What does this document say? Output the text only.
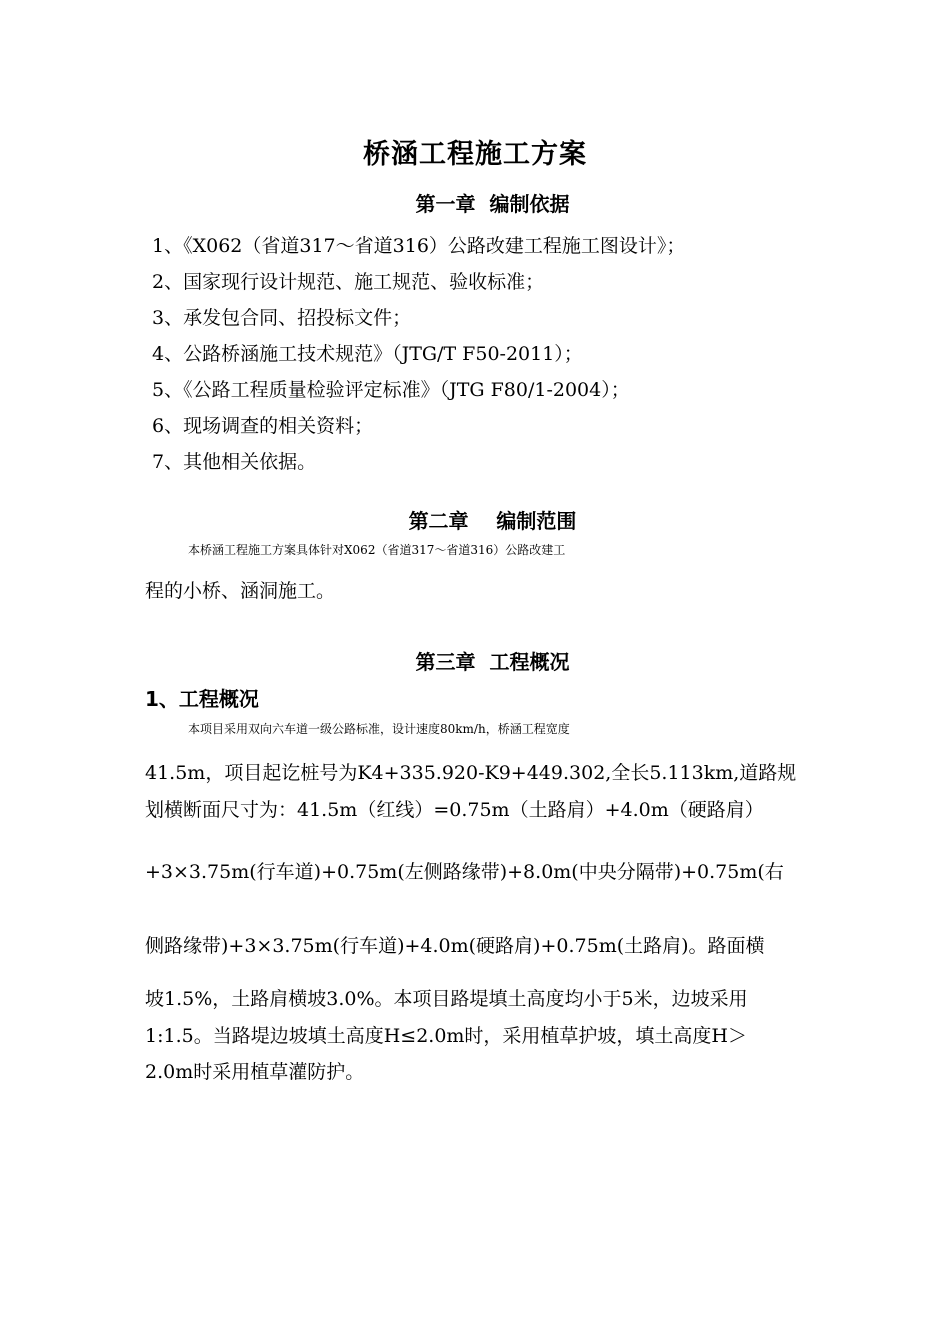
桥涵工程施工方案
第一章  编制依据
1、《X062（省道317～省道316）公路改建工程施工图设计》；
2、国家现行设计规范、施工规范、验收标准；
3、承发包合同、招投标文件；
4、公路桥涵施工技术规范》（JTG/T F50-2011）；
5、《公路工程质量检验评定标准》（JTG F80/1-2004）；
6、现场调查的相关资料；
7、其他相关依据。
第二章    编制范围
本桥涵工程施工方案具体针对X062（省道317～省道316）公路改建工
程的小桥、涵洞施工。
第三章  工程概况
1、工程概况
本项目采用双向六车道一级公路标准，设计速度80km/h，桥涵工程宽度
41.5m，项目起讫桩号为K4+335.920-K9+449.302,全长5.113km,道路规
划横断面尺寸为：41.5m（红线）=0.75m（土路肩）+4.0m（硬路肩）
+3×3.75m(行车道)+0.75m(左侧路缘带)+8.0m(中央分隔带)+0.75m(右
侧路缘带)+3×3.75m(行车道)+4.0m(硬路肩)+0.75m(土路肩)。路面横
坡1.5%，土路肩横坡3.0%。本项目路堤填土高度均小于5米，边坡采用
1:1.5。当路堤边坡填土高度H≤2.0m时，采用植草护坡，填土高度H＞
2.0m时采用植草灌防护。
